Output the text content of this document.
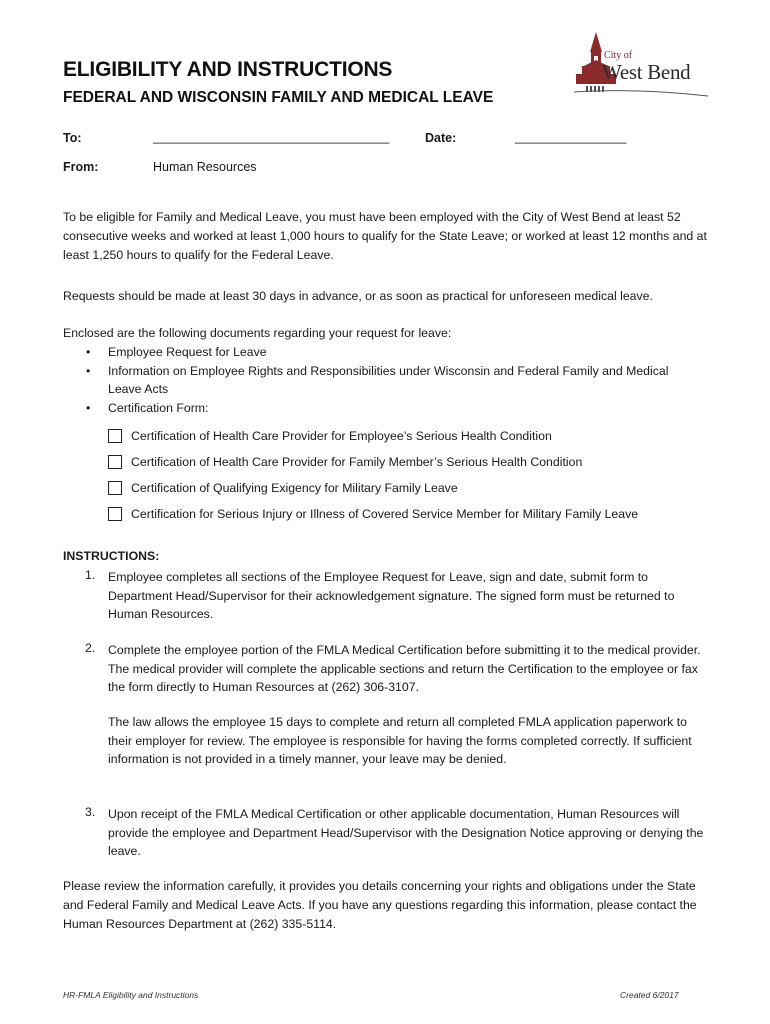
ELIGIBILITY AND INSTRUCTIONS
FEDERAL AND WISCONSIN FAMILY AND MEDICAL LEAVE
City of
West Bend
To:	__________________________________	Date:	________________
From:	Human Resources
To be eligible for Family and Medical Leave, you must have been employed with the City of West Bend at least 52 consecutive weeks and worked at least 1,000 hours to qualify for the State Leave; or worked at least 12 months and at least 1,250 hours to qualify for the Federal Leave.
Requests should be made at least 30 days in advance, or as soon as practical for unforeseen medical leave.
Enclosed are the following documents regarding your request for leave:
• Employee Request for Leave
• Information on Employee Rights and Responsibilities under Wisconsin and Federal Family and Medical Leave Acts
• Certification Form:
Certification of Health Care Provider for Employee’s Serious Health Condition
Certification of Health Care Provider for Family Member’s Serious Health Condition
Certification of Qualifying Exigency for Military Family Leave
Certification for Serious Injury or Illness of Covered Service Member for Military Family Leave
INSTRUCTIONS:
1. Employee completes all sections of the Employee Request for Leave, sign and date, submit form to Department Head/Supervisor for their acknowledgement signature. The signed form must be returned to Human Resources.
2. Complete the employee portion of the FMLA Medical Certification before submitting it to the medical provider. The medical provider will complete the applicable sections and return the Certification to the employee or fax the form directly to Human Resources at (262) 306-3107.
The law allows the employee 15 days to complete and return all completed FMLA application paperwork to their employer for review. The employee is responsible for having the forms completed correctly. If sufficient information is not provided in a timely manner, your leave may be denied.
3. Upon receipt of the FMLA Medical Certification or other applicable documentation, Human Resources will provide the employee and Department Head/Supervisor with the Designation Notice approving or denying the leave.
Please review the information carefully, it provides you details concerning your rights and obligations under the State and Federal Family and Medical Leave Acts. If you have any questions regarding this information, please contact the Human Resources Department at (262) 335-5114.
HR-FMLA Eligibility and Instructions	Created 6/2017
